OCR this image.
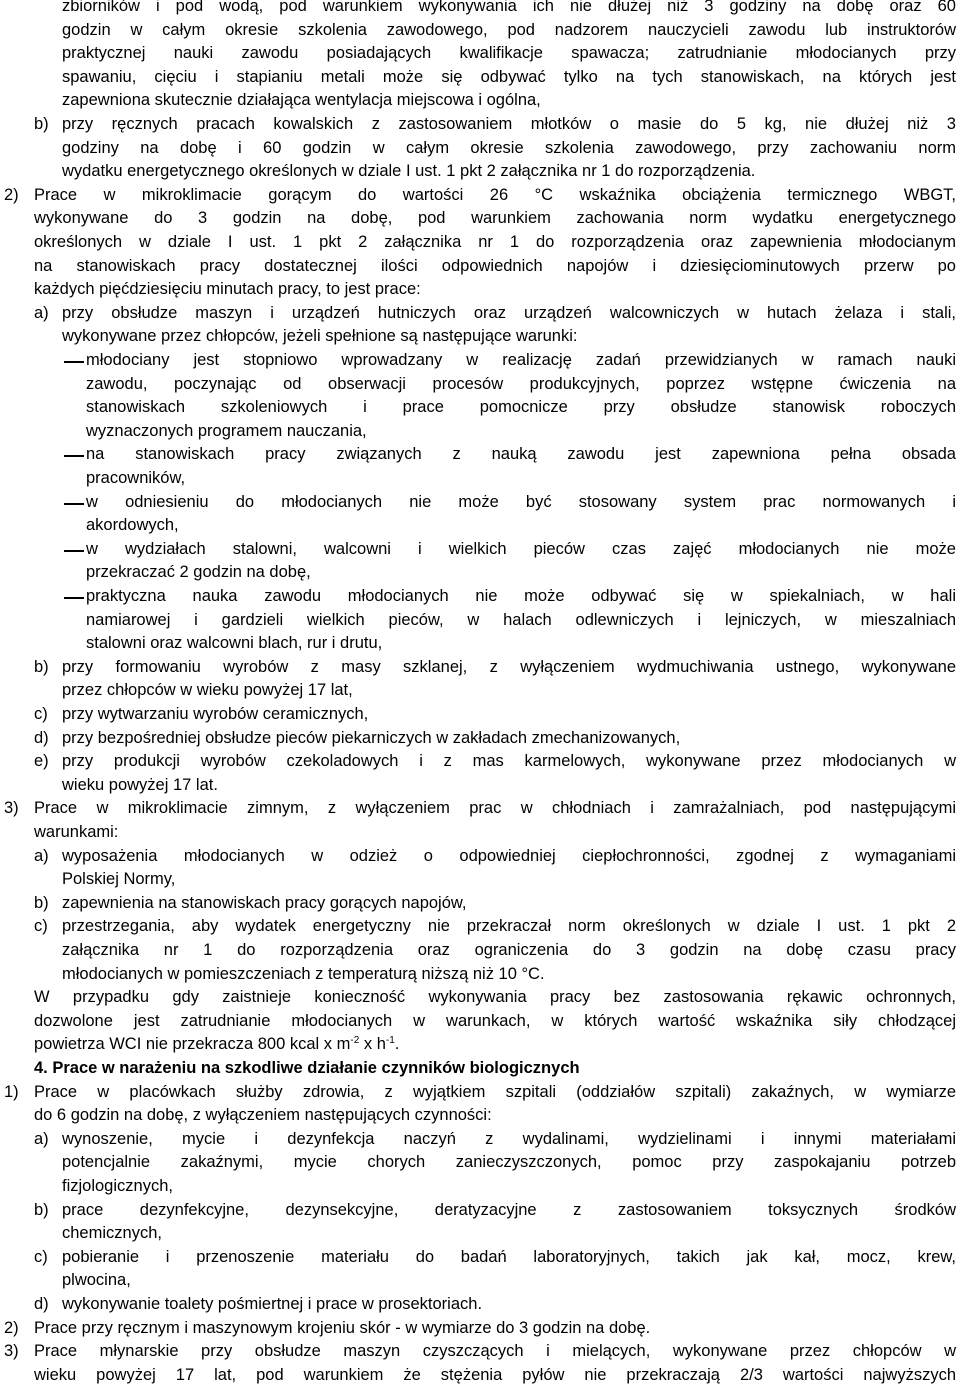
zbiorników i pod wodą, pod warunkiem wykonywania ich nie dłużej niż 3 godziny na dobę oraz 60
godzin w całym okresie szkolenia zawodowego, pod nadzorem nauczycieli zawodu lub instruktorów
praktycznej nauki zawodu posiadających kwalifikacje spawacza; zatrudnianie młodocianych przy
spawaniu, cięciu i stapianiu metali może się odbywać tylko na tych stanowiskach, na których jest
zapewniona skutecznie działająca wentylacja miejscowa i ogólna,
b) przy ręcznych pracach kowalskich z zastosowaniem młotków o masie do 5 kg, nie dłużej niż 3
godziny na dobę i 60 godzin w całym okresie szkolenia zawodowego, przy zachowaniu norm
wydatku energetycznego określonych w dziale I ust. 1 pkt 2 załącznika nr 1 do rozporządzenia.
2) Prace w mikroklimacie gorącym do wartości 26 °C wskaźnika obciążenia termicznego WBGT,
wykonywane do 3 godzin na dobę, pod warunkiem zachowania norm wydatku energetycznego
określonych w dziale I ust. 1 pkt 2 załącznika nr 1 do rozporządzenia oraz zapewnienia młodocianym
na stanowiskach pracy dostatecznej ilości odpowiednich napojów i dziesięciominutowych przerw po
każdych pięćdziesięciu minutach pracy, to jest prace:
a) przy obsłudze maszyn i urządzeń hutniczych oraz urządzeń walcowniczych w hutach żelaza i stali,
wykonywane przez chłopców, jeżeli spełnione są następujące warunki:
młodociany jest stopniowo wprowadzany w realizację zadań przewidzianych w ramach nauki
zawodu, poczynając od obserwacji procesów produkcyjnych, poprzez wstępne ćwiczenia na
stanowiskach szkoleniowych i prace pomocnicze przy obsłudze stanowisk roboczych
wyznaczonych programem nauczania,
na stanowiskach pracy związanych z nauką zawodu jest zapewniona pełna obsada
pracowników,
w odniesieniu do młodocianych nie może być stosowany system prac normowanych i
akordowych,
w wydziałach stalowni, walcowni i wielkich pieców czas zajęć młodocianych nie może
przekraczać 2 godzin na dobę,
praktyczna nauka zawodu młodocianych nie może odbywać się w spiekalniach, w hali
namiarowej i gardzieli wielkich pieców, w halach odlewniczych i lejniczych, w mieszalniach
stalowni oraz walcowni blach, rur i drutu,
b) przy formowaniu wyrobów z masy szklanej, z wyłączeniem wydmuchiwania ustnego, wykonywane
przez chłopców w wieku powyżej 17 lat,
c) przy wytwarzaniu wyrobów ceramicznych,
d) przy bezpośredniej obsłudze pieców piekarniczych w zakładach zmechanizowanych,
e) przy produkcji wyrobów czekoladowych i z mas karmelowych, wykonywane przez młodocianych w
wieku powyżej 17 lat.
3) Prace w mikroklimacie zimnym, z wyłączeniem prac w chłodniach i zamrażalniach, pod następującymi
warunkami:
a) wyposażenia młodocianych w odzież o odpowiedniej ciepłochronności, zgodnej z wymaganiami
Polskiej Normy,
b) zapewnienia na stanowiskach pracy gorących napojów,
c) przestrzegania, aby wydatek energetyczny nie przekraczał norm określonych w dziale I ust. 1 pkt 2
załącznika nr 1 do rozporządzenia oraz ograniczenia do 3 godzin na dobę czasu pracy
młodocianych w pomieszczeniach z temperaturą niższą niż 10 °C.
W przypadku gdy zaistnieje konieczność wykonywania pracy bez zastosowania rękawic ochronnych,
dozwolone jest zatrudnianie młodocianych w warunkach, w których wartość wskaźnika siły chłodzącej
powietrza WCI nie przekracza 800 kcal x $m^{-2}$ x $h^{-1}$.
4. Prace w narażeniu na szkodliwe działanie czynników biologicznych
1) Prace w placówkach służby zdrowia, z wyjątkiem szpitali (oddziałów szpitali) zakaźnych, w wymiarze
do 6 godzin na dobę, z wyłączeniem następujących czynności:
a) wynoszenie, mycie i dezynfekcja naczyń z wydalinami, wydzielinami i innymi materiałami
potencjalnie zakaźnymi, mycie chorych zanieczyszczonych, pomoc przy zaspokajaniu potrzeb
fizjologicznych,
b) prace dezynfekcyjne, dezynsekcyjne, deratyzacyjne z zastosowaniem toksycznych środków
chemicznych,
c) pobieranie i przenoszenie materiału do badań laboratoryjnych, takich jak kał, mocz, krew,
plwocina,
d) wykonywanie toalety pośmiertnej i prace w prosektoriach.
2) Prace przy ręcznym i maszynowym krojeniu skór - w wymiarze do 3 godzin na dobę.
3) Prace młynarskie przy obsłudze maszyn czyszczących i mielących, wykonywane przez chłopców w
wieku powyżej 17 lat, pod warunkiem że stężenia pyłów nie przekraczają 2/3 wartości najwyższych
